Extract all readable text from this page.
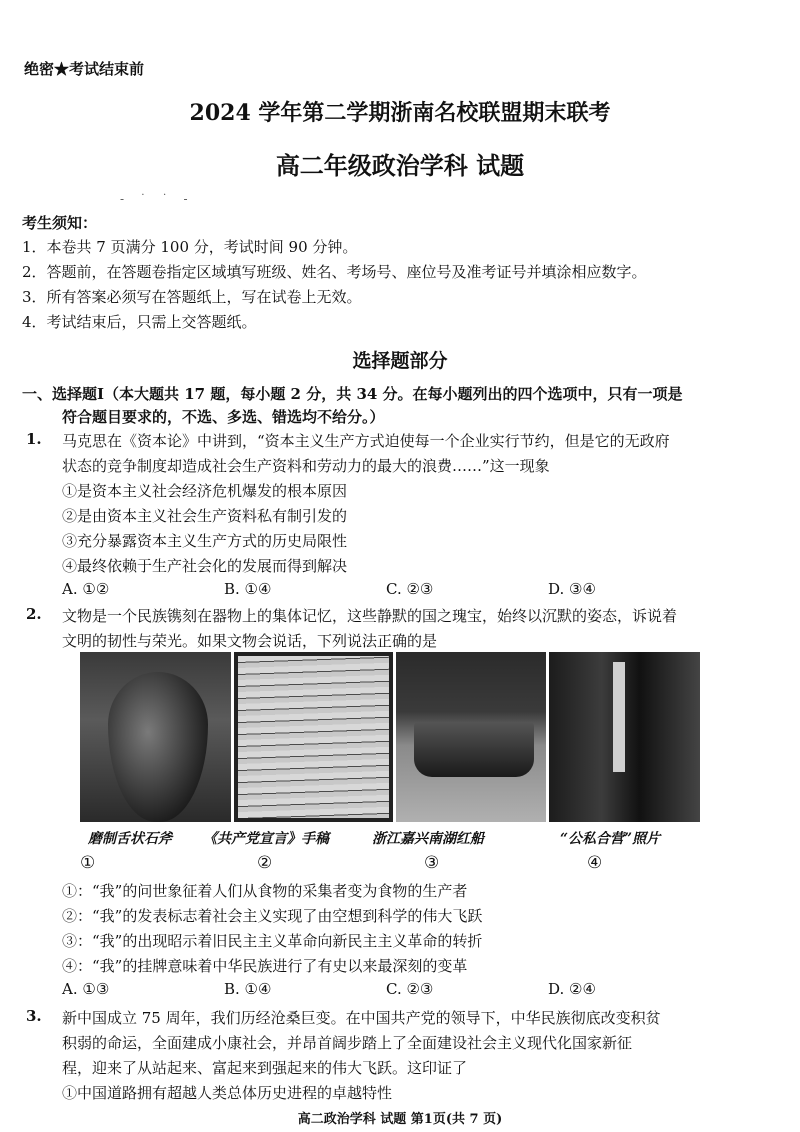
绝密★考试结束前
2024 学年第二学期浙南名校联盟期末联考
高二年级政治学科 试题
- ˙ ˙ -
考生须知：
1．本卷共 7 页满分 100 分，考试时间 90 分钟。
2．答题前，在答题卷指定区域填写班级、姓名、考场号、座位号及准考证号并填涂相应数字。
3．所有答案必须写在答题纸上，写在试卷上无效。
4．考试结束后，只需上交答题纸。
选择题部分
一、选择题Ⅰ（本大题共 17 题，每小题 2 分，共 34 分。在每小题列出的四个选项中，只有一项是
符合题目要求的，不选、多选、错选均不给分。）
1. 马克思在《资本论》中讲到，“资本主义生产方式迫使每一个企业实行节约，但是它的无政府
状态的竞争制度却造成社会生产资料和劳动力的最大的浪费……”这一现象
①是资本主义社会经济危机爆发的根本原因
②是由资本主义社会生产资料私有制引发的
③充分暴露资本主义生产方式的历史局限性
④最终依赖于生产社会化的发展而得到解决
A. ①②	B. ①④	C. ②③	D. ③④
2. 文物是一个民族镌刻在器物上的集体记忆，这些静默的国之瑰宝，始终以沉默的姿态，诉说着
文明的韧性与荣光。如果文物会说话，下列说法正确的是
磨制舌状石斧 《共产党宣言》手稿	浙江嘉兴南湖红船	“公私合营”照片
①	②	③	④
①：“我”的问世象征着人们从食物的采集者变为食物的生产者
②：“我”的发表标志着社会主义实现了由空想到科学的伟大飞跃
③：“我”的出现昭示着旧民主主义革命向新民主主义革命的转折
④：“我”的挂牌意味着中华民族进行了有史以来最深刻的变革
A. ①③	B. ①④	C. ②③	D. ②④
3. 新中国成立 75 周年，我们历经沧桑巨变。在中国共产党的领导下，中华民族彻底改变积贫
积弱的命运，全面建成小康社会，并昂首阔步踏上了全面建设社会主义现代化国家新征
程，迎来了从站起来、富起来到强起来的伟大飞跃。这印证了
①中国道路拥有超越人类总体历史进程的卓越特性
高二政治学科 试题 第1页(共 7 页)
